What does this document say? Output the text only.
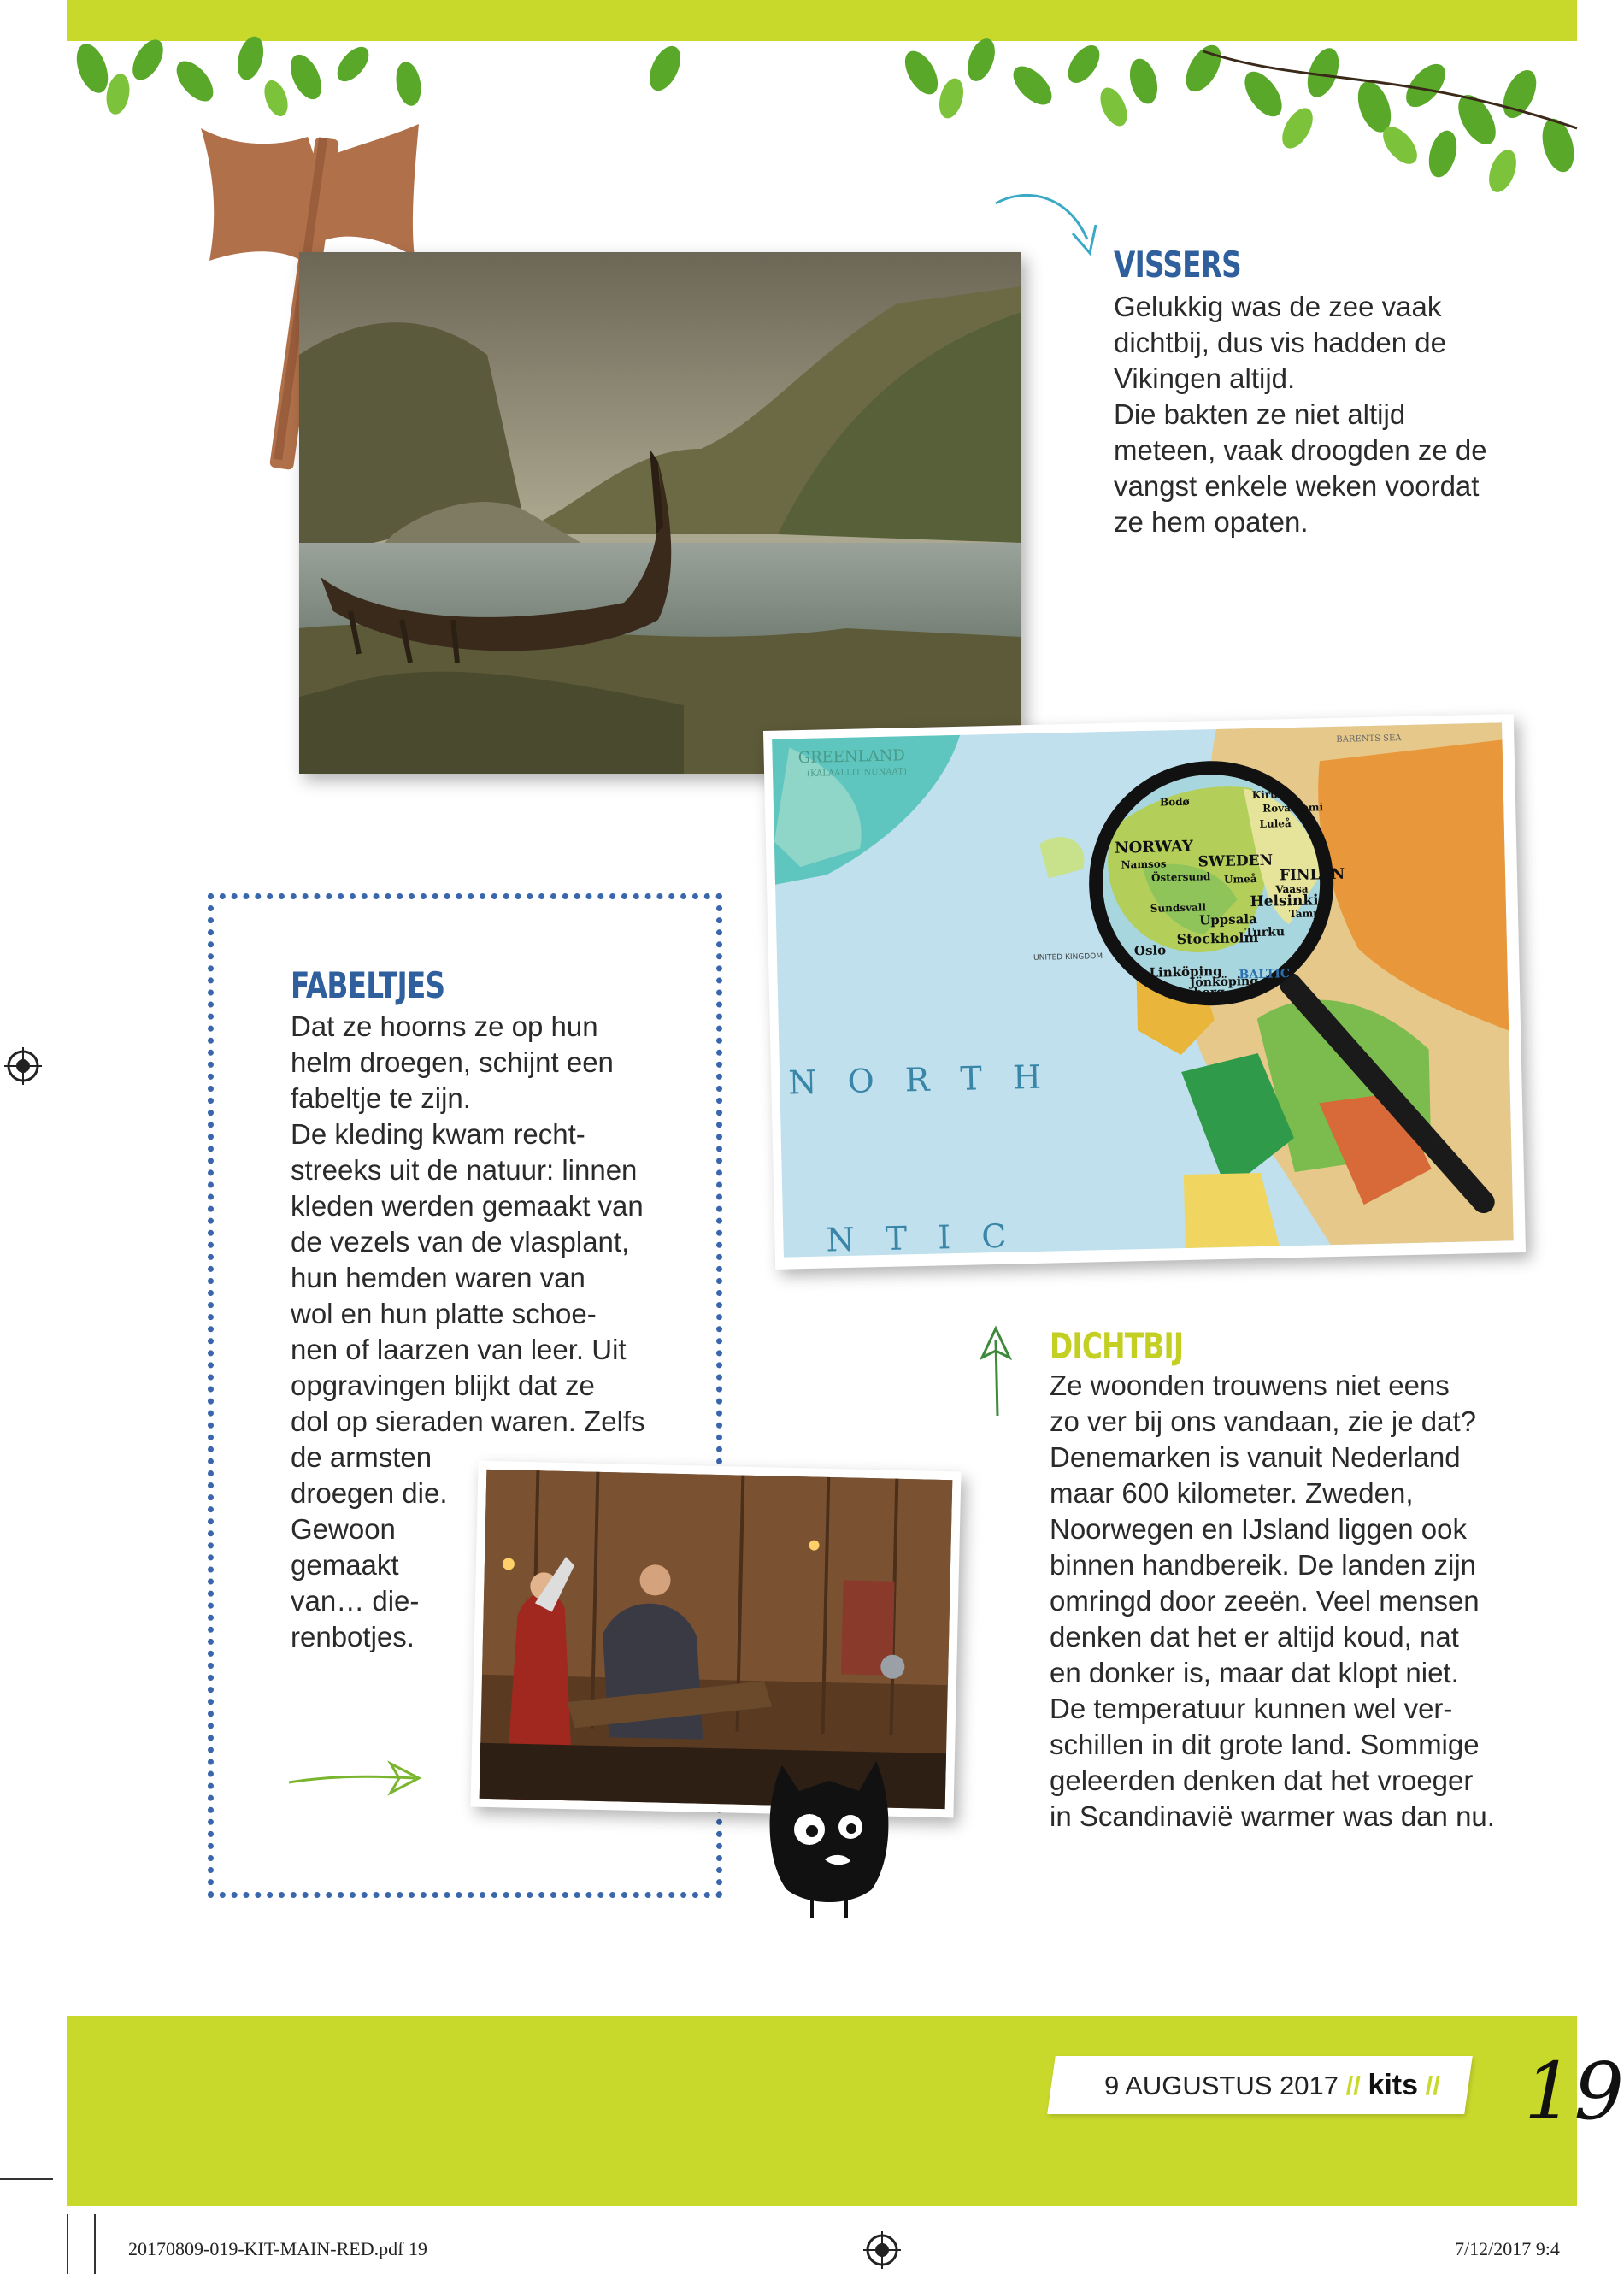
GREENLAND
(KALAALLIT NUNAAT)
BARENTS SEA
UNITED KINGDOM
N O R T H
N T I C
NORWAY
SWEDEN
FINLAN
Helsinki
Stockholm
Uppsala
Turku
Oslo
Linköping
Jönköping
Göteborg
BALTIC
Kiruna
Rovaniemi
Luleå
Bodø
Namsos
Östersund
Sundsvall
Umeå
Vaasa
Tampe
VISSERS

Gelukkig was de zee vaak

dichtbij, dus vis hadden de

Vikingen altijd.

Die bakten ze niet altijd

meteen, vaak droogden ze de

vangst enkele weken voordat

ze hem opaten.

FABELTJES

Dat ze hoorns ze op hun

helm droegen, schijnt een

fabeltje te zijn.

De kleding kwam recht-

streeks uit de natuur: linnen

kleden werden gemaakt van

de vezels van de vlasplant,

hun hemden waren van

wol en hun platte schoe-

nen of laarzen van leer. Uit

opgravingen blijkt dat ze

dol op sieraden waren. Zelfs

de armsten

droegen die.

Gewoon

gemaakt

van… die-

renbotjes.

DICHTBIJ

Ze woonden trouwens niet eens

zo ver bij ons vandaan, zie je dat?

Denemarken is vanuit Nederland

maar 600 kilometer. Zweden,

Noorwegen en IJsland liggen ook

binnen handbereik. De landen zijn

omringd door zeeën. Veel mensen

denken dat het er altijd koud, nat

en donker is, maar dat klopt niet.

De temperatuur kunnen wel ver-

schillen in dit grote land. Sommige

geleerden denken dat het vroeger

in Scandinavië warmer was dan nu.

9 AUGUSTUS 2017 // kits // 19
20170809-019-KIT-MAIN-RED.pdf 19	7/12/2017 9:4
